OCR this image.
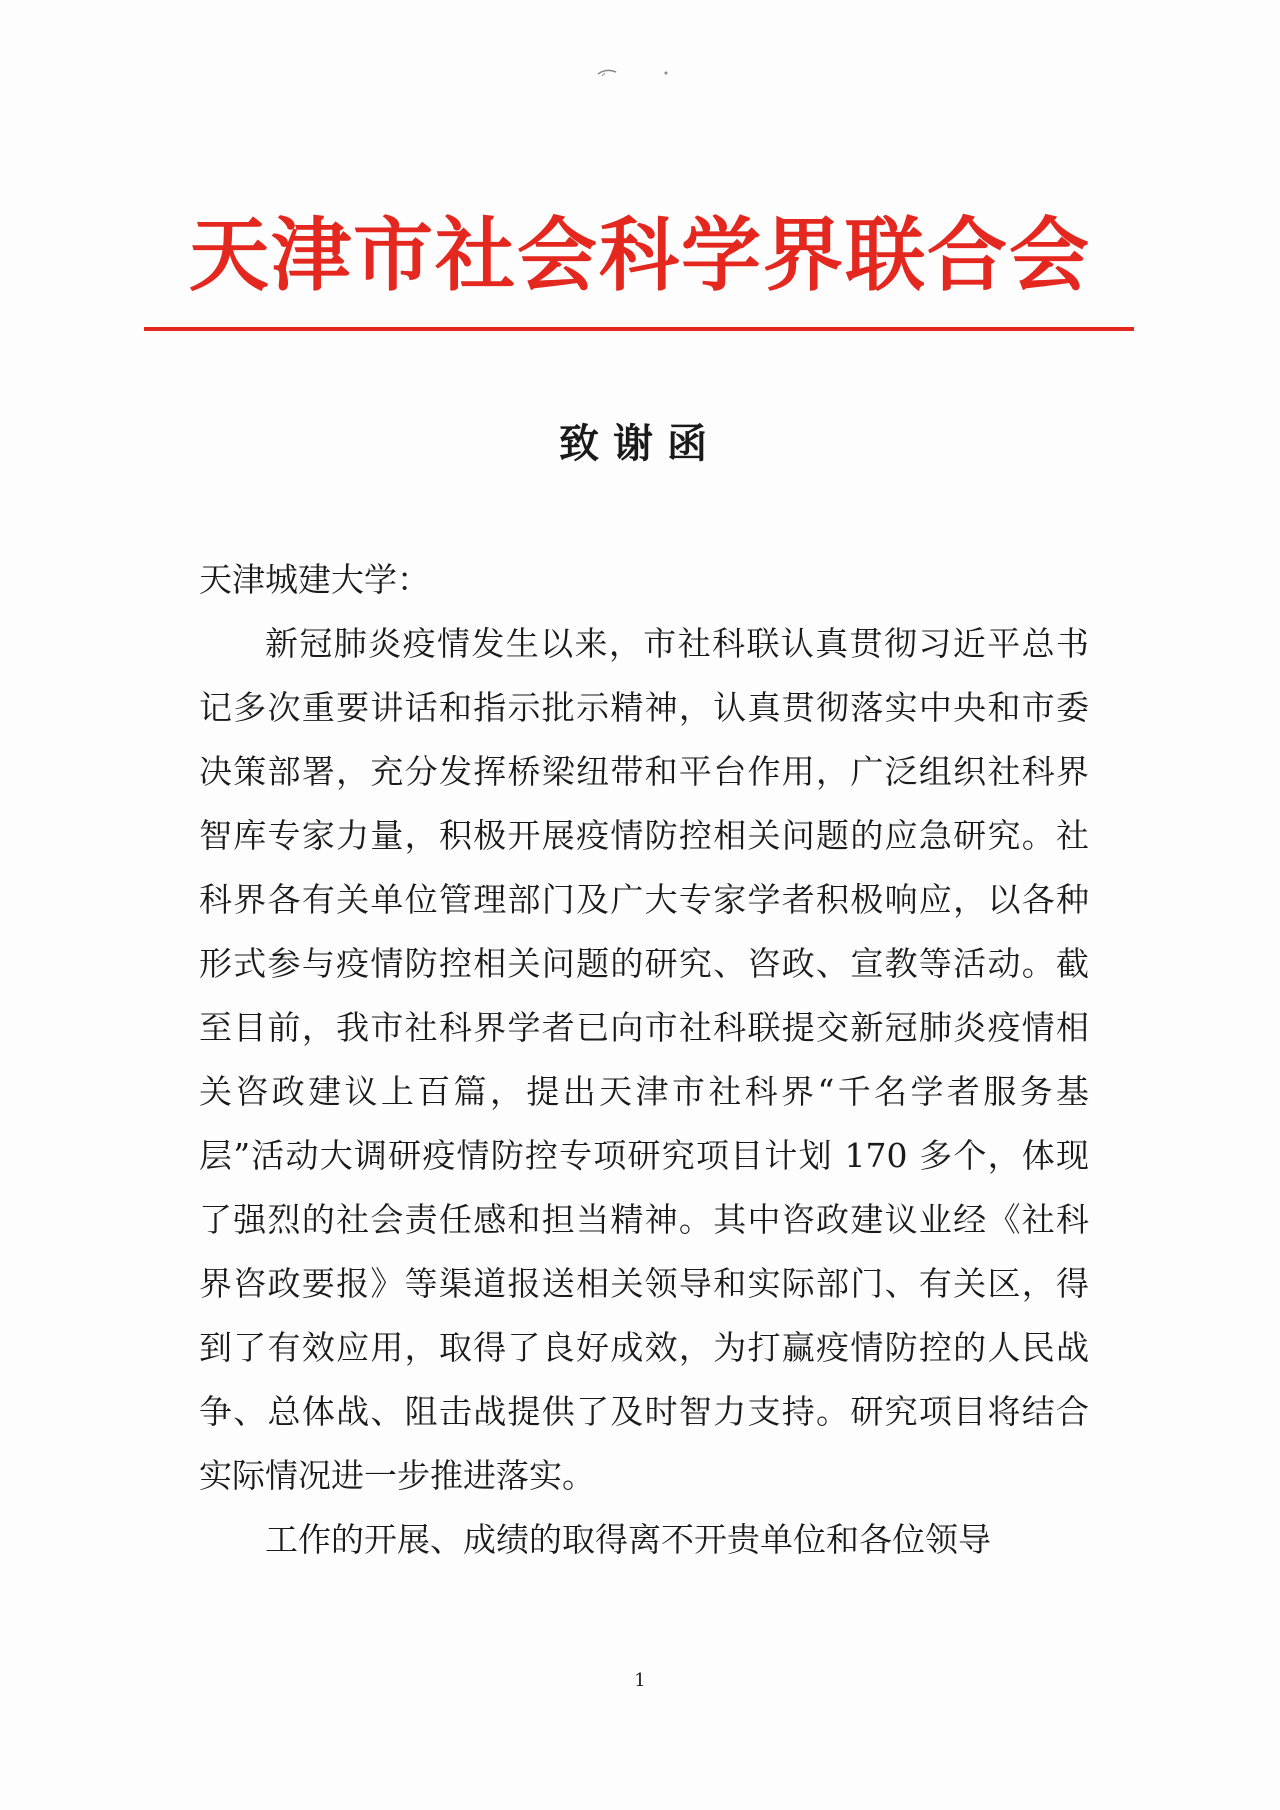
天津市社会科学界联合会
致谢函

天津城建大学：

新冠肺炎疫情发生以来，市社科联认真贯彻习近平总书记多次重要讲话和指示批示精神，认真贯彻落实中央和市委决策部署，充分发挥桥梁纽带和平台作用，广泛组织社科界智库专家力量，积极开展疫情防控相关问题的应急研究。社科界各有关单位管理部门及广大专家学者积极响应，以各种形式参与疫情防控相关问题的研究、咨政、宣教等活动。截至目前，我市社科界学者已向市社科联提交新冠肺炎疫情相关咨政建议上百篇，提出天津市社科界“千名学者服务基层”活动大调研疫情防控专项研究项目计划 170 多个，体现了强烈的社会责任感和担当精神。其中咨政建议业经《社科界咨政要报》等渠道报送相关领导和实际部门、有关区，得到了有效应用，取得了良好成效，为打赢疫情防控的人民战争、总体战、阻击战提供了及时智力支持。研究项目将结合实际情况进一步推进落实。

工作的开展、成绩的取得离不开贵单位和各位领导

1
